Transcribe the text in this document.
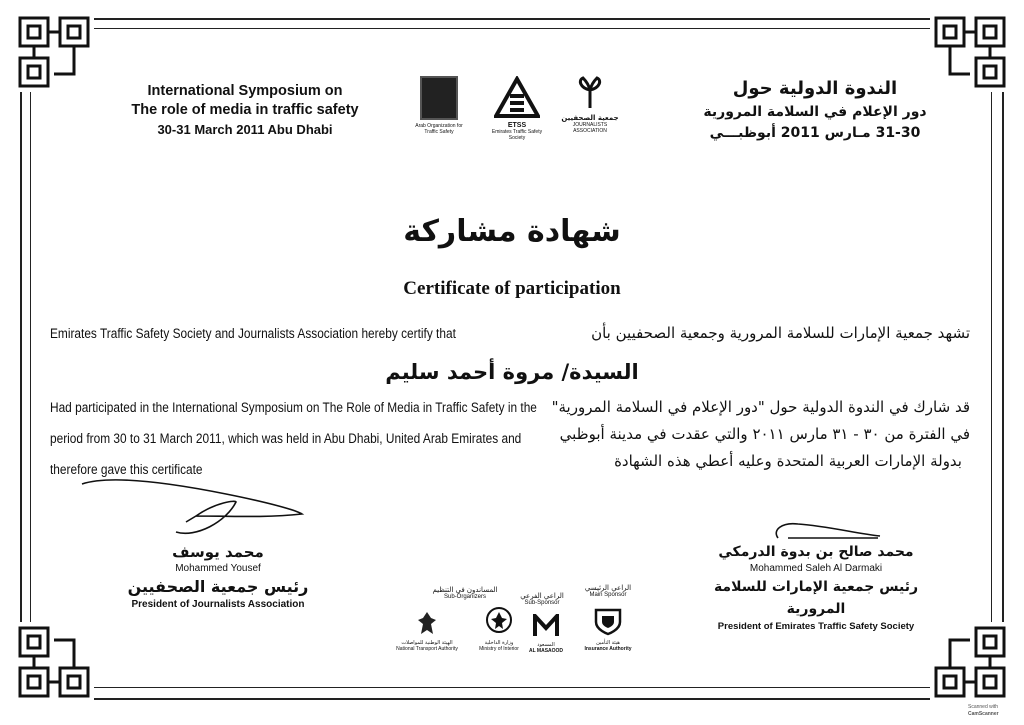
International Symposium on
The role of media in traffic safety
30-31 March 2011 Abu Dhabi
الندوة الدولية حول
دور الإعلام في السلامة المرورية
31-30 مـارس 2011 أبوظبـــي
Arab Organization for Traffic Safety
ETSS
Emirates Traffic Safety Society
جمعية الصحفيين
JOURNALISTS ASSOCIATION
شهادة مشاركة
Certificate of participation
Emirates Traffic Safety Society and Journalists Association hereby certify that	تشهد جمعية الإمارات للسلامة المرورية وجمعية الصحفيين بأن
السيدة/ مروة أحمد سليم
Had participated in the International Symposium on The Role of Media in Traffic Safety in the
period from 30 to 31 March 2011, which was held in Abu Dhabi, United Arab Emirates and
therefore gave this certificate
قد شارك في الندوة الدولية حول "دور الإعلام في السلامة المرورية"
في الفترة من ٣٠ - ٣١ مارس ٢٠١١ والتي عقدت في مدينة أبوظبي
بدولة الإمارات العربية المتحدة وعليه أعطي هذه الشهادة
محمد يوسف
Mohammed Yousef
رئيس جمعية الصحفيين
President of Journalists Association
محمد صالح بن بدوة الدرمكي
Mohammed Saleh Al Darmaki
رئيس جمعية الإمارات للسلامة المرورية
President of Emirates Traffic Safety Society
المساندون في التنظيم
Sub-Organizers	الراعي الفرعي
Sub-Sponsor
الراعي الرئيسي
Main Sponsor
الهيئة الوطنية للمواصلات
National Transport Authority
وزارة الداخلية
Ministry of Interior
المسعود
AL MASAOOD
هيئة التأمين
Insurance Authority
Scanned with
CamScanner
